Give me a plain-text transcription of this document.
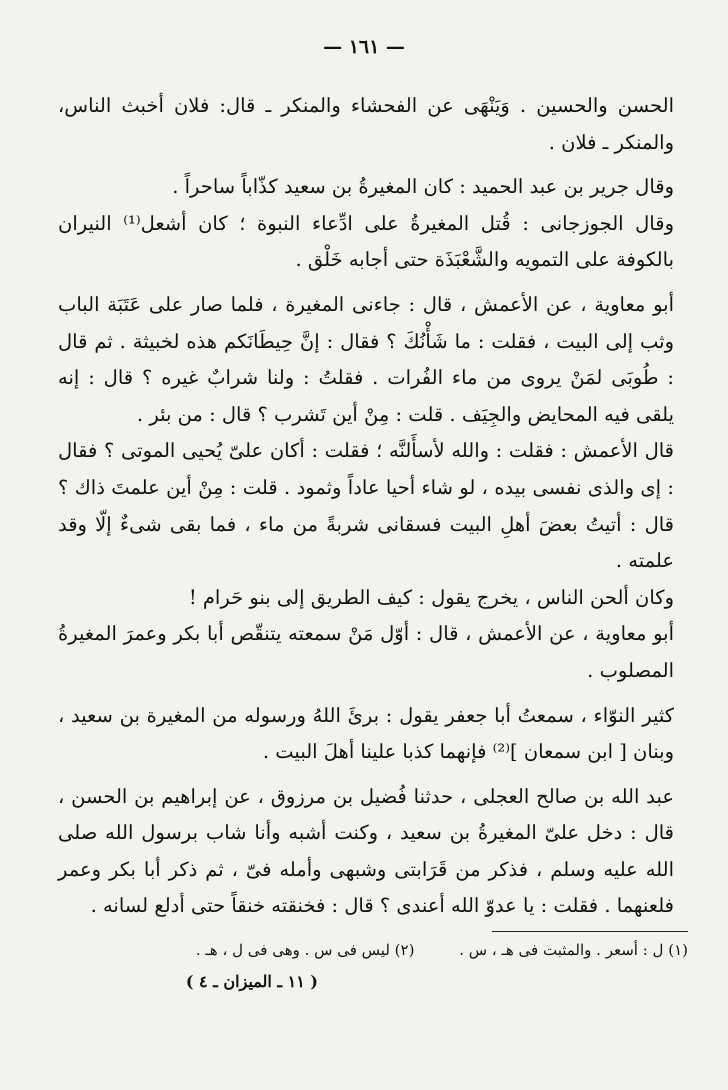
— ١٦١ —

الحسن والحسين . وَيَنْهَى عن الفحشاء والمنكر ـ قال: فلان أخبث الناس، والمنكر ـ فلان .

وقال جرير بن عبد الحميد : كان المغيرةُ بن سعيد كذّاباً ساحراً .

وقال الجوزجانى : قُتل المغيرةُ على ادِّعاء النبوة ؛ كان أشعل⁽¹⁾ النيران بالكوفة على التمويه والشَّعْبَذَة حتى أجابه خَلْق .

أبو معاوية ، عن الأعمش ، قال : جاءنى المغيرة ، فلما صار على عَتَبَة الباب وثب إلى البيت ، فقلت : ما شَأْنُكَ ؟ فقال : إنَّ حِيطَانَكم هذه لخبيثة . ثم قال : طُوبَى لمَنْ يروى من ماء الفُرات . فقلتُ : ولنا شرابٌ غيره ؟ قال : إنه يلقى فيه المحايض والجِيَف . قلت : مِنْ أين تَشرب ؟ قال : من بئر .

قال الأعمش : فقلت : والله لأسأَلنَّه ؛ فقلت : أكان علىّ يُحيى الموتى ؟ فقال : إى والذى نفسى بيده ، لو شاء أحيا عاداً وثمود . قلت : مِنْ أين علمتَ ذاك ؟ قال : أتيتُ بعضَ أهلِ البيت فسقانى شربةً من ماء ، فما بقى شىءٌ إلّا وقد علمته .

وكان ألحن الناس ، يخرج يقول : كيف الطريق إلى بنو حَرام !

أبو معاوية ، عن الأعمش ، قال : أوّل مَنْ سمعته يتنقّص أبا بكر وعمرَ المغيرةُ المصلوب .

كثير النوّاء ، سمعتُ أبا جعفر يقول : برئَ اللهُ ورسوله من المغيرة بن سعيد ، وبنان [ ابن سمعان ]⁽²⁾ فإنهما كذبا علينا أهلَ البيت .

عبد الله بن صالح العجلى ، حدثنا فُضيل بن مرزوق ، عن إبراهيم بن الحسن ، قال : دخل علىّ المغيرةُ بن سعيد ، وكنت أشبه وأنا شاب برسول الله صلى الله عليه وسلم ، فذكر من قَرَابتى وشبهى وأمله فىّ ، ثم ذكر أبا بكر وعمر فلعنهما . فقلت : يا عدوّ الله أعندى ؟ قال : فخنقته خنقاً حتى أدلع لسانه .

(١) ل : أسعر . والمثبت فى هـ ، س . (٢) ليس فى س . وهى فى ل ، هـ .
( ١١ ـ الميزان ـ ٤ )
